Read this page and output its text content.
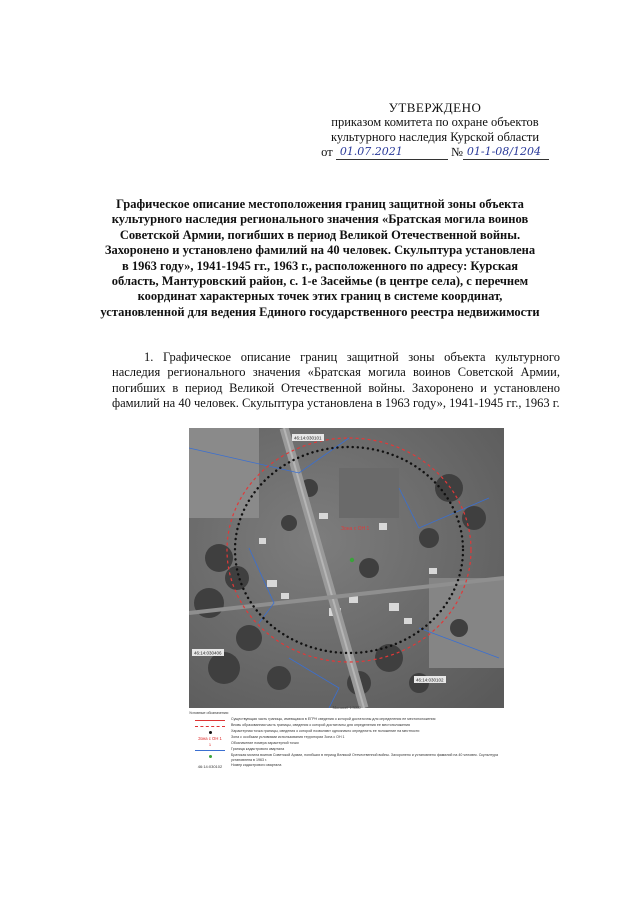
УТВЕРЖДЕНО
приказом комитета по охране объектов
культурного наследия Курской области
от 01.07.2021	№ 01-1-08/1204
Графическое описание местоположения границ защитной зоны объекта культурного наследия регионального значения «Братская могила воинов Советской Армии, погибших в период Великой Отечественной войны. Захоронено и установлено фамилий на 40 человек. Скульптура установлена в 1963 году», 1941-1945 гг., 1963 г., расположенного по адресу: Курская область, Мантуровский район, с. 1-е Засеймье (в центре села), с перечнем координат характерных точек этих границ в системе координат, установленной для ведения Единого государственного реестра недвижимости
1. Графическое описание границ защитной зоны объекта культурного наследия регионального значения «Братская могила воинов Советской Армии, погибших в период Великой Отечественной войны. Захоронено и установлено фамилий на 40 человек. Скульптура установлена в 1963 году», 1941-1945 гг., 1963 г.
Зона с ОН 1
46:14:030101
46:14:030406
46:14:030102
Масштаб 1:5000
Условные обозначения:
Существующая часть границы, имеющаяся в ЕГРН сведения о которой достаточны для определения ее местоположения
Вновь образованная часть границы, сведения о которой достаточны для определения ее местоположения
Характерная точка границы, сведения о которой позволяют однозначно определить ее положение на местности
Зона с ОН 1	Зона с особыми условиями использования территории Зона с ОН 1
1	Обозначение номера характерной точки
Граница кадастрового квартала
Братская могила воинов Советской Армии, погибших в период Великой Отечественной войны. Захоронено и установлено фамилий на 40 человек. Скульптура установлена в 1963 г.
46:14:030102 Номер кадастрового квартала
